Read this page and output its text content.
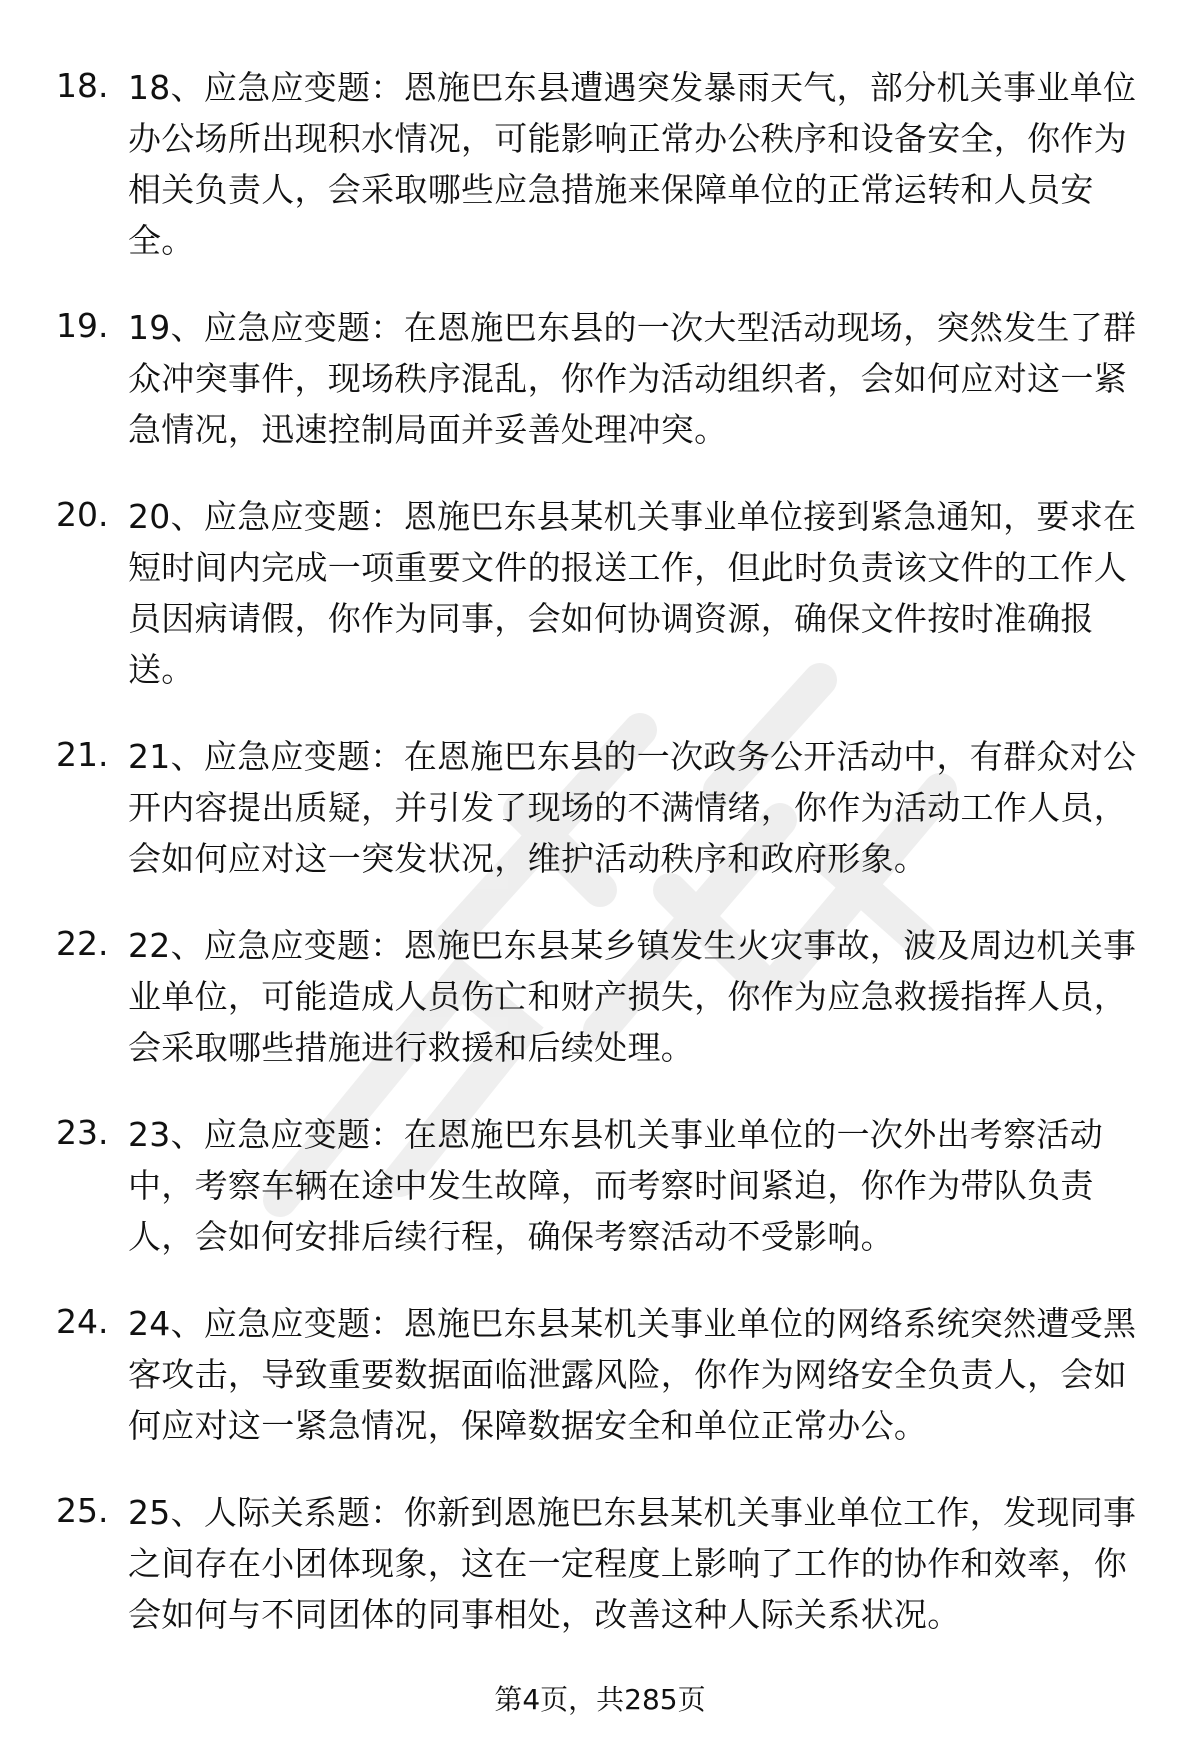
18. 18、应急应变题：恩施巴东县遭遇突发暴雨天气，部分机关事业单位办公场所出现积水情况，可能影响正常办公秩序和设备安全，你作为相关负责人，会采取哪些应急措施来保障单位的正常运转和人员安全。
19. 19、应急应变题：在恩施巴东县的一次大型活动现场，突然发生了群众冲突事件，现场秩序混乱，你作为活动组织者，会如何应对这一紧急情况，迅速控制局面并妥善处理冲突。
20. 20、应急应变题：恩施巴东县某机关事业单位接到紧急通知，要求在短时间内完成一项重要文件的报送工作，但此时负责该文件的工作人员因病请假，你作为同事，会如何协调资源，确保文件按时准确报送。
21. 21、应急应变题：在恩施巴东县的一次政务公开活动中，有群众对公开内容提出质疑，并引发了现场的不满情绪，你作为活动工作人员，会如何应对这一突发状况，维护活动秩序和政府形象。
22. 22、应急应变题：恩施巴东县某乡镇发生火灾事故，波及周边机关事业单位，可能造成人员伤亡和财产损失，你作为应急救援指挥人员，会采取哪些措施进行救援和后续处理。
23. 23、应急应变题：在恩施巴东县机关事业单位的一次外出考察活动中，考察车辆在途中发生故障，而考察时间紧迫，你作为带队负责人，会如何安排后续行程，确保考察活动不受影响。
24. 24、应急应变题：恩施巴东县某机关事业单位的网络系统突然遭受黑客攻击，导致重要数据面临泄露风险，你作为网络安全负责人，会如何应对这一紧急情况，保障数据安全和单位正常办公。
25. 25、人际关系题：你新到恩施巴东县某机关事业单位工作，发现同事之间存在小团体现象，这在一定程度上影响了工作的协作和效率，你会如何与不同团体的同事相处，改善这种人际关系状况。
第4页，共285页
